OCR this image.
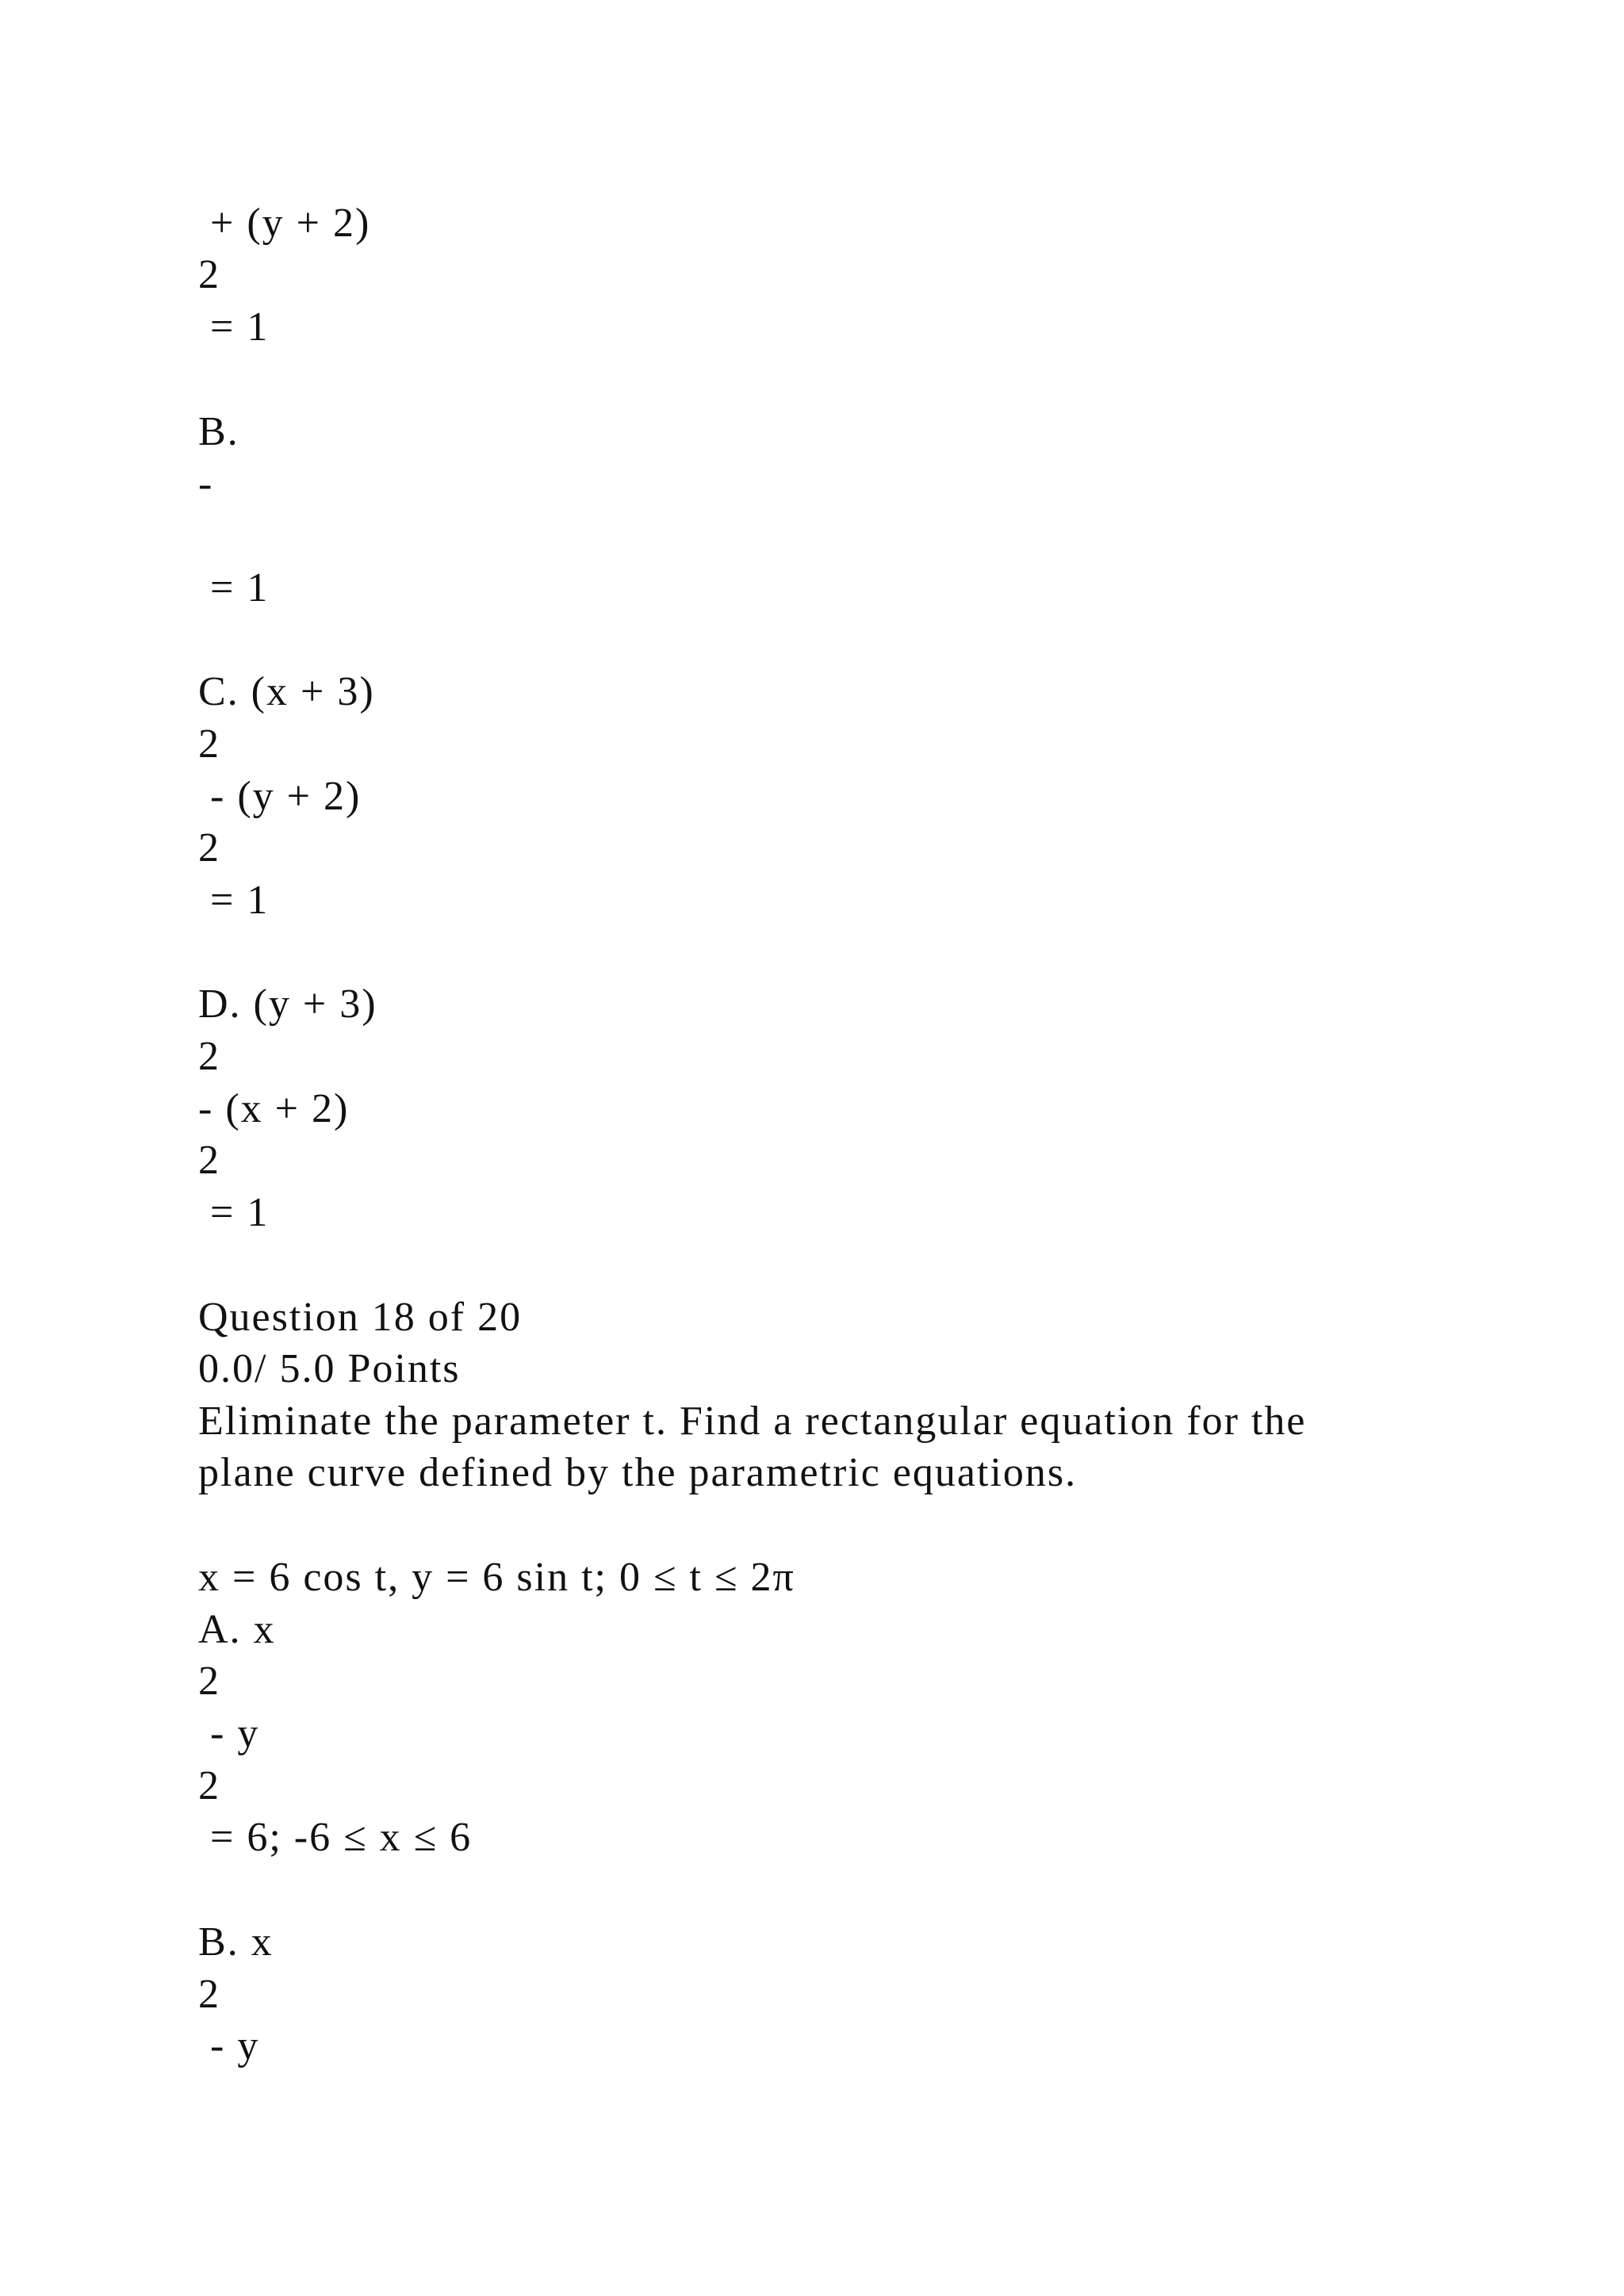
+ (y + 2)
2
= 1
B.
-
= 1
C. (x + 3)
2
- (y + 2)
2
= 1
D. (y + 3)
2
- (x + 2)
2
= 1
Question 18 of 20
0.0/ 5.0 Points
Eliminate the parameter t. Find a rectangular equation for the
plane curve defined by the parametric equations.
x = 6 cos t, y = 6 sin t; 0 ≤ t ≤ 2π
A. x
2
- y
2
= 6; -6 ≤ x ≤ 6
B. x
2
- y
